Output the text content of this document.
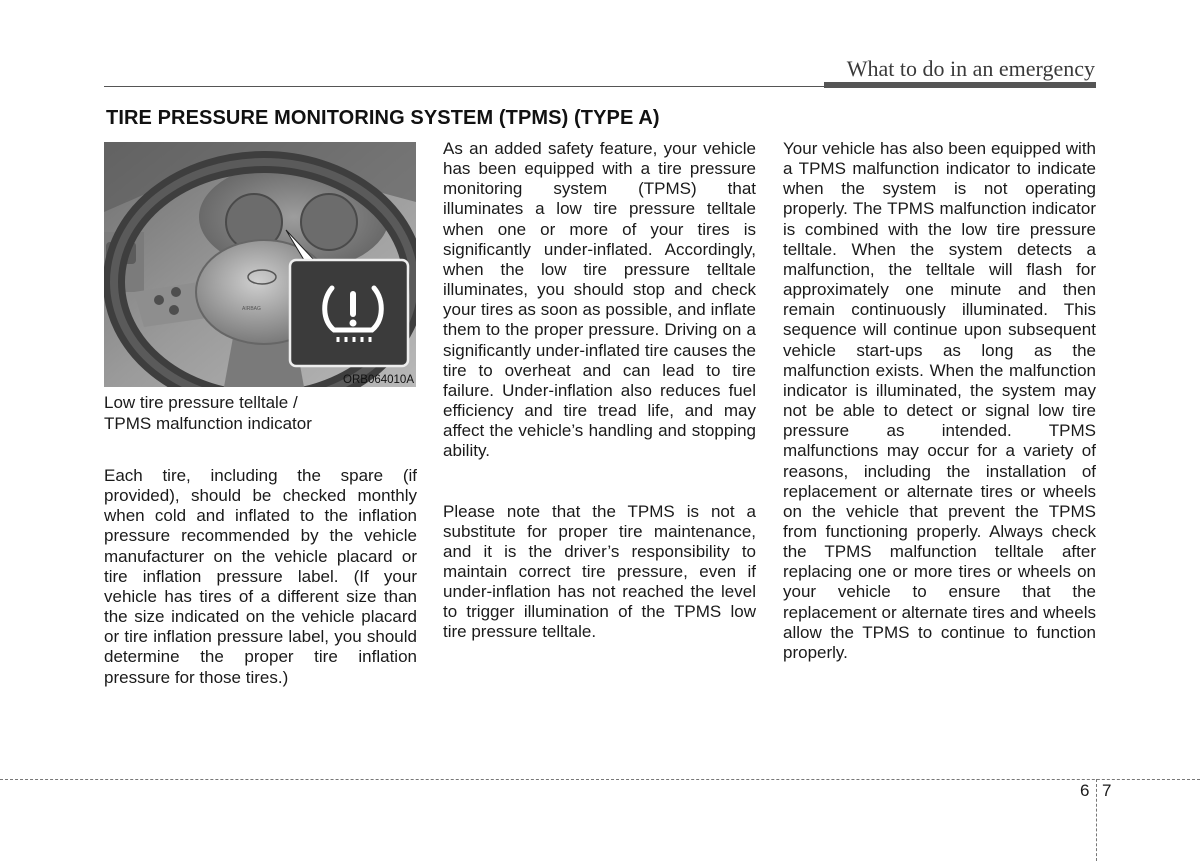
What to do in an emergency
TIRE PRESSURE MONITORING SYSTEM (TPMS) (TYPE A)
AIRBAG
ORB064010A
Low tire pressure telltale /
TPMS malfunction indicator

Each tire, including the spare (if provided), should be checked monthly when cold and inflated to the inflation pressure recommended by the vehicle manufacturer on the vehicle placard or tire inflation pressure label. (If your vehicle has tires of a different size than the size indicated on the vehicle placard or tire inflation pressure label, you should determine the proper tire inflation pressure for those tires.)

As an added safety feature, your vehicle has been equipped with a tire pressure monitoring system (TPMS) that illuminates a low tire pressure telltale when one or more of your tires is significantly under-inflated. Accordingly, when the low tire pressure telltale illuminates, you should stop and check your tires as soon as possible, and inflate them to the proper pressure. Driving on a significantly under-inflated tire causes the tire to overheat and can lead to tire failure. Under-inflation also reduces fuel efficiency and tire tread life, and may affect the vehicle’s handling and stopping ability.

Please note that the TPMS is not a substitute for proper tire maintenance, and it is the driver’s responsibility to maintain correct tire pressure, even if under-inflation has not reached the level to trigger illumination of the TPMS low tire pressure telltale.

Your vehicle has also been equipped with a TPMS malfunction indicator to indicate when the system is not operating properly. The TPMS malfunction indicator is combined with the low tire pressure telltale. When the system detects a malfunction, the telltale will flash for approximately one minute and then remain continuously illuminated. This sequence will continue upon subsequent vehicle start-ups as long as the malfunction exists. When the malfunction indicator is illuminated, the system may not be able to detect or signal low tire pressure as intended. TPMS malfunctions may occur for a variety of reasons, including the installation of replacement or alternate tires or wheels on the vehicle that prevent the TPMS from functioning properly. Always check the TPMS malfunction telltale after replacing one or more tires or wheels on your vehicle to ensure that the replacement or alternate tires and wheels allow the TPMS to continue to function properly.

6 7
